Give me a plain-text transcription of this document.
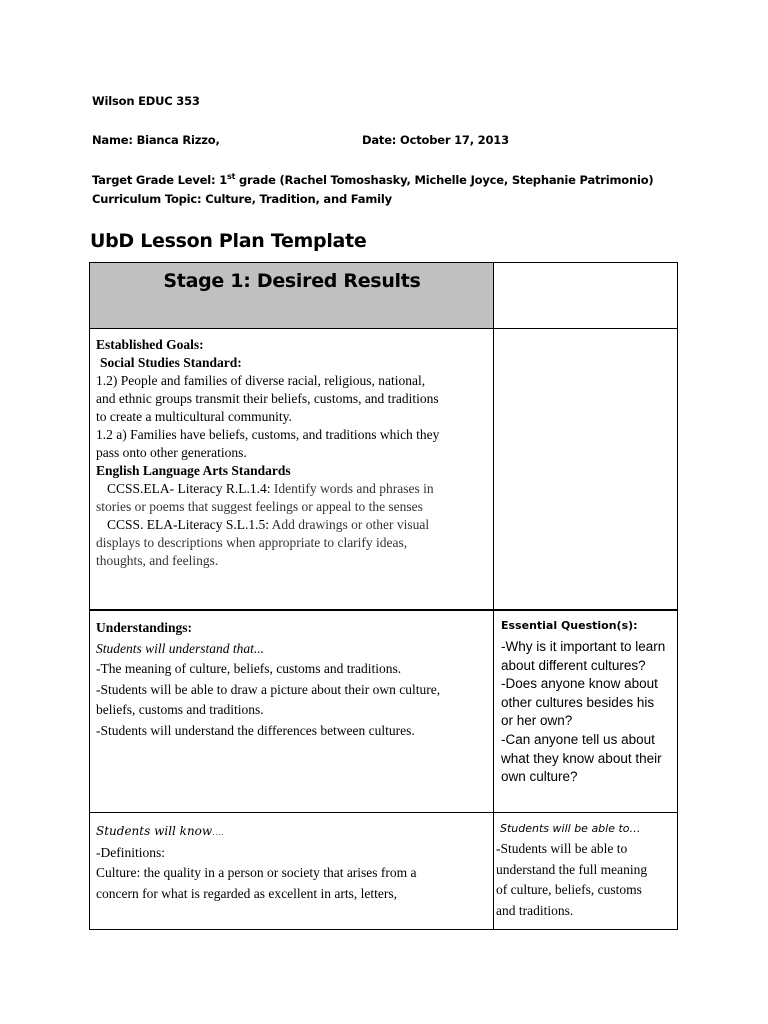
Wilson EDUC 353
Name: Bianca Rizzo,	Date: October 17, 2013
Target Grade Level: 1st grade (Rachel Tomoshasky, Michelle Joyce, Stephanie Patrimonio)
Curriculum Topic: Culture, Tradition, and Family
UbD Lesson Plan Template
Stage 1: Desired Results
Established Goals:
Social Studies Standard:
1.2) People and families of diverse racial, religious, national,
and ethnic groups transmit their beliefs, customs, and traditions
to create a multicultural community.
1.2 a) Families have beliefs, customs, and traditions which they
pass onto other generations.
English Language Arts Standards
CCSS.ELA- Literacy R.L.1.4: Identify words and phrases in
stories or poems that suggest feelings or appeal to the senses
CCSS. ELA-Literacy S.L.1.5: Add drawings or other visual
displays to descriptions when appropriate to clarify ideas,
thoughts, and feelings.
Understandings:
Students will understand that...
-The meaning of culture, beliefs, customs and traditions.
-Students will be able to draw a picture about their own culture,
beliefs, customs and traditions.
-Students will understand the differences between cultures.
Essential Question(s):
-Why is it important to learn
about different cultures?
-Does anyone know about
other cultures besides his
or her own?
-Can anyone tell us about
what they know about their
own culture?
Students will know….
-Definitions:
Culture: the quality in a person or society that arises from a
concern for what is regarded as excellent in arts, letters,
Students will be able to…
-Students will be able to
understand the full meaning
of culture, beliefs, customs
and traditions.
